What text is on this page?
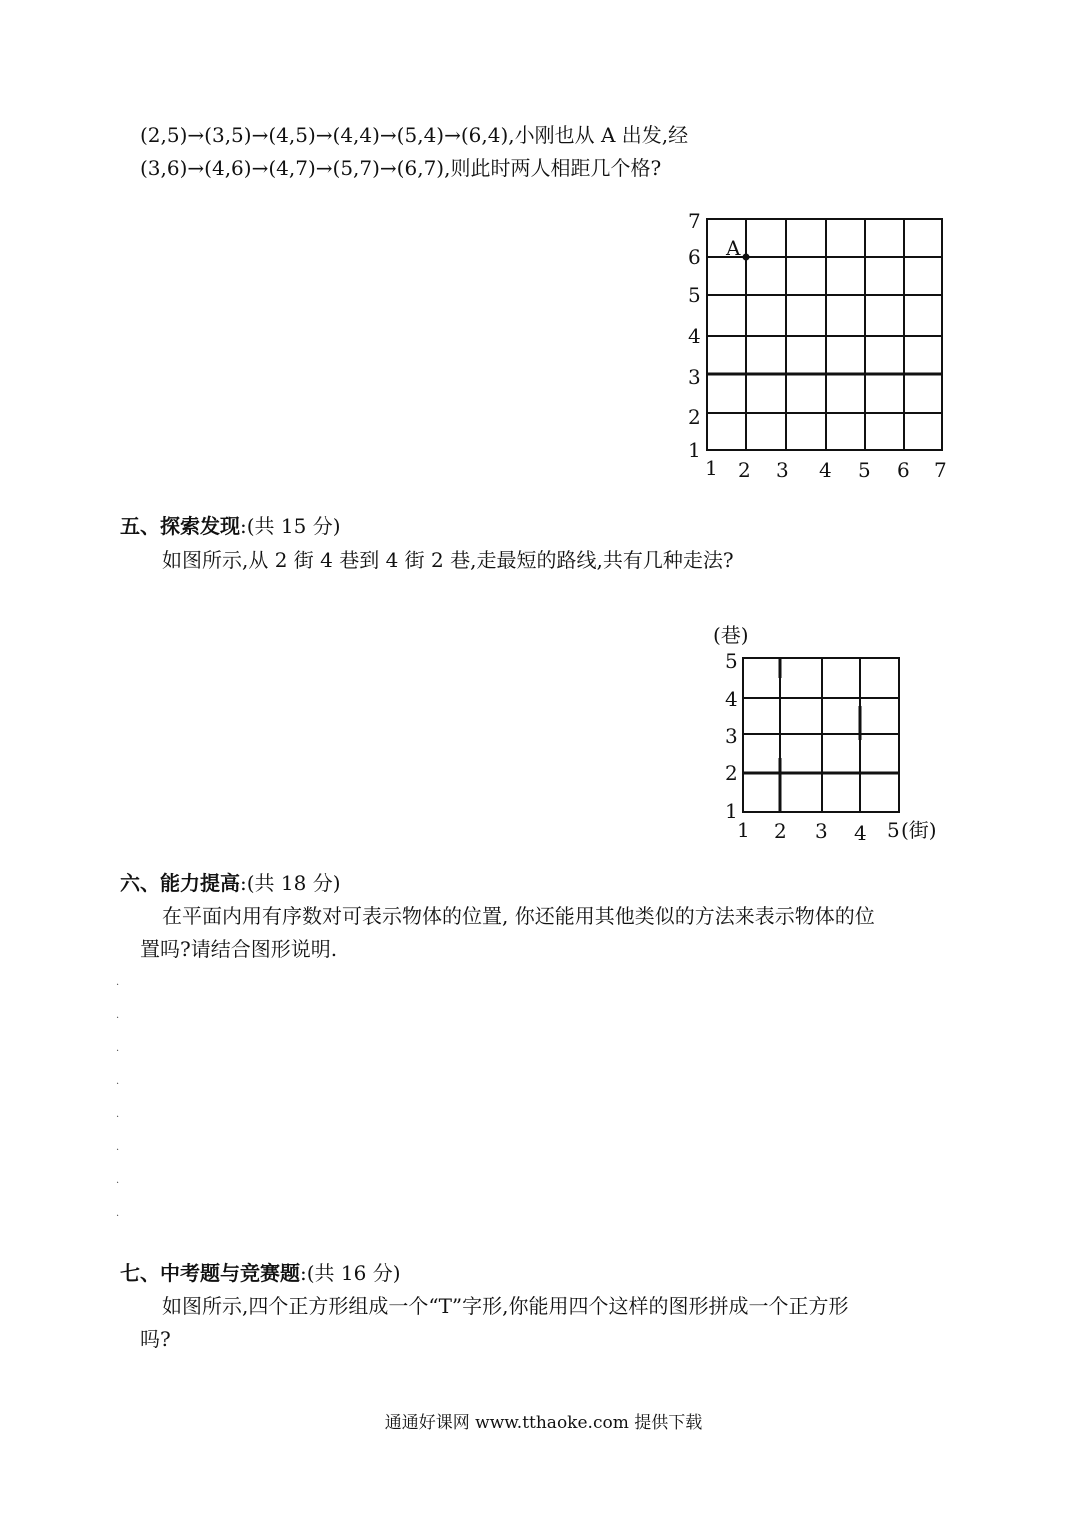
(2,5)→(3,5)→(4,5)→(4,4)→(5,4)→(6,4),小刚也从 A 出发,经
(3,6)→(4,6)→(4,7)→(5,7)→(6,7),则此时两人相距几个格?
A
1
2
3
4
5
6
7
1 2 3 4 5 6 7
五、探索发现:(共 15 分)
如图所示,从 2 街 4 巷到 4 街 2 巷,走最短的路线,共有几种走法?
(巷)
1
2
3
4
5
1 2 3 4 5 (街)
六、能力提高:(共 18 分)
在平面内用有序数对可表示物体的位置, 你还能用其他类似的方法来表示物体的位
置吗?请结合图形说明.
·
·
·
·
·
·
·
·
七、中考题与竞赛题:(共 16 分)
如图所示,四个正方形组成一个“T”字形,你能用四个这样的图形拼成一个正方形
吗?
通通好课网 www.tthaoke.com 提供下载
